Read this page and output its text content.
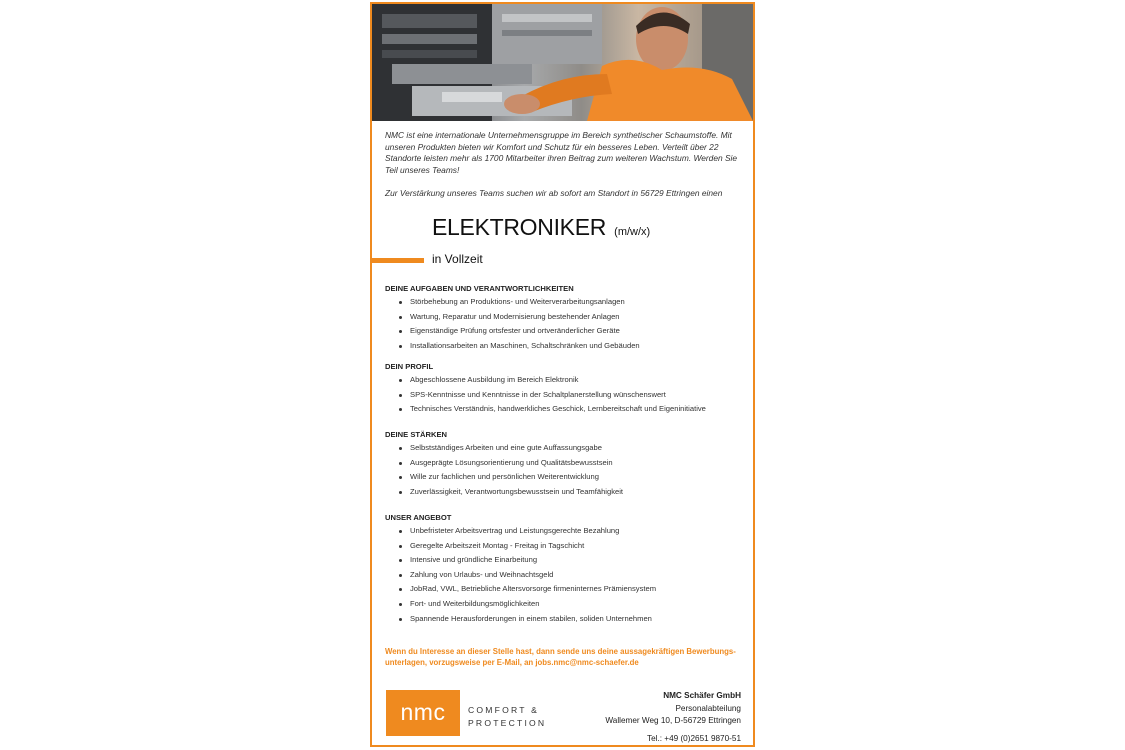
NMC ist eine internationale Unternehmensgruppe im Bereich synthetischer Schaumstoffe. Mit unseren Produkten bieten wir Komfort und Schutz für ein besseres Leben. Verteilt über 22 Standorte leisten mehr als 1700 Mitarbeiter ihren Beitrag zum weiteren Wachstum. Werden Sie Teil unseres Teams!
Zur Verstärkung unseres Teams suchen wir ab sofort am Standort in 56729 Ettringen einen
ELEKTRONIKER (m/w/x)
in Vollzeit
DEINE AUFGABEN UND VERANTWORTLICHKEITEN
Störbehebung an Produktions- und Weiterverarbeitungsanlagen
Wartung, Reparatur und Modernisierung bestehender Anlagen
Eigenständige Prüfung ortsfester und ortveränderlicher Geräte
Installationsarbeiten an Maschinen, Schaltschränken und Gebäuden
DEIN PROFIL
Abgeschlossene Ausbildung im Bereich Elektronik
SPS-Kenntnisse und Kenntnisse in der Schaltplanerstellung wünschenswert
Technisches Verständnis, handwerkliches Geschick, Lernbereitschaft und Eigeninitiative
DEINE STÄRKEN
Selbstständiges Arbeiten und eine gute Auffassungsgabe
Ausgeprägte Lösungsorientierung und Qualitätsbewusstsein
Wille zur fachlichen und persönlichen Weiterentwicklung
Zuverlässigkeit, Verantwortungsbewusstsein und Teamfähigkeit
UNSER ANGEBOT
Unbefristeter Arbeitsvertrag und Leistungsgerechte Bezahlung
Geregelte Arbeitszeit Montag - Freitag in Tagschicht
Intensive und gründliche Einarbeitung
Zahlung von Urlaubs- und Weihnachtsgeld
JobRad, VWL, Betriebliche Altersvorsorge firmeninternes Prämiensystem
Fort- und Weiterbildungsmöglichkeiten
Spannende Herausforderungen in einem stabilen, soliden Unternehmen
Wenn du Interesse an dieser Stelle hast, dann sende uns deine aussagekräftigen Bewerbungs-unterlagen, vorzugsweise per E-Mail, an jobs.nmc@nmc-schaefer.de
nmc	COMFORT &
PROTECTION
NMC Schäfer GmbH
Personalabteilung
Wallemer Weg 10, D-56729 Ettringen
Tel.: +49 (0)2651 9870-51
